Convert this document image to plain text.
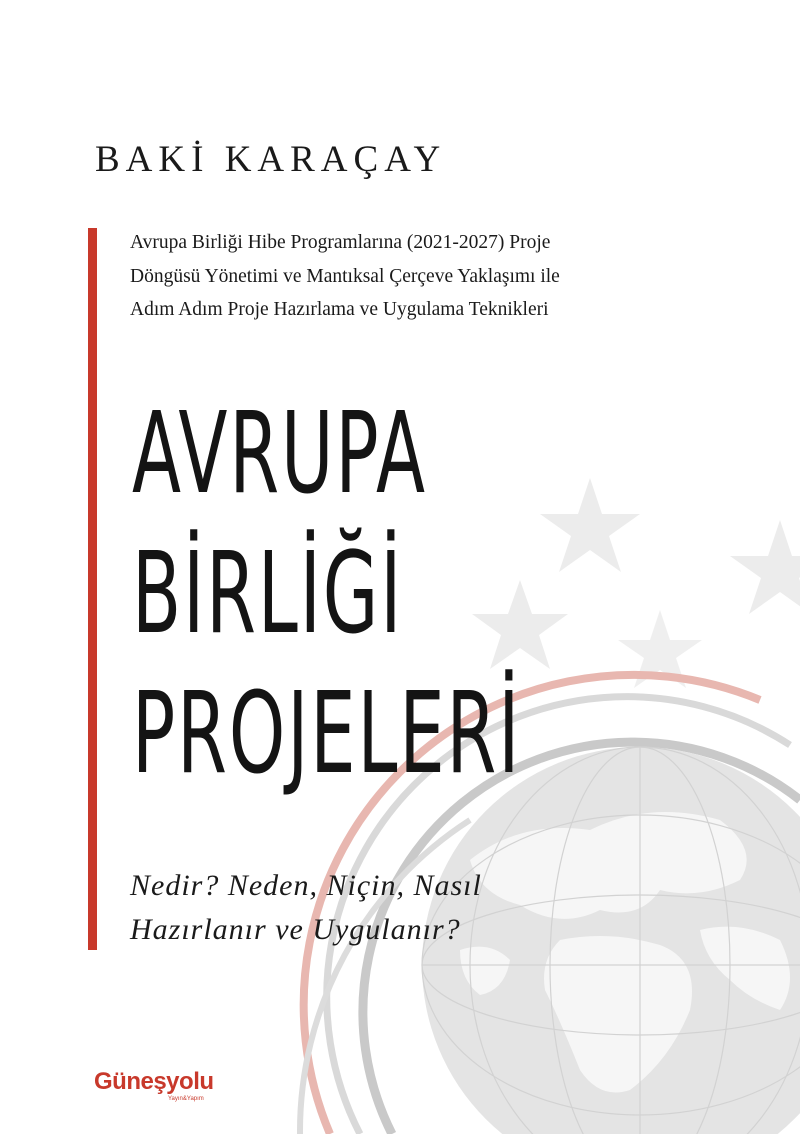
BAKİ KARAÇAY
Avrupa Birliği Hibe Programlarına (2021-2027) Proje
Döngüsü Yönetimi ve Mantıksal Çerçeve Yaklaşımı ile
Adım Adım Proje Hazırlama ve Uygulama Teknikleri
AVRUPA
BİRLİĞİ
PROJELERİ
Nedir? Neden, Niçin, Nasıl
Hazırlanır ve Uygulanır?
Güneşyolu
Yayın&Yapım
